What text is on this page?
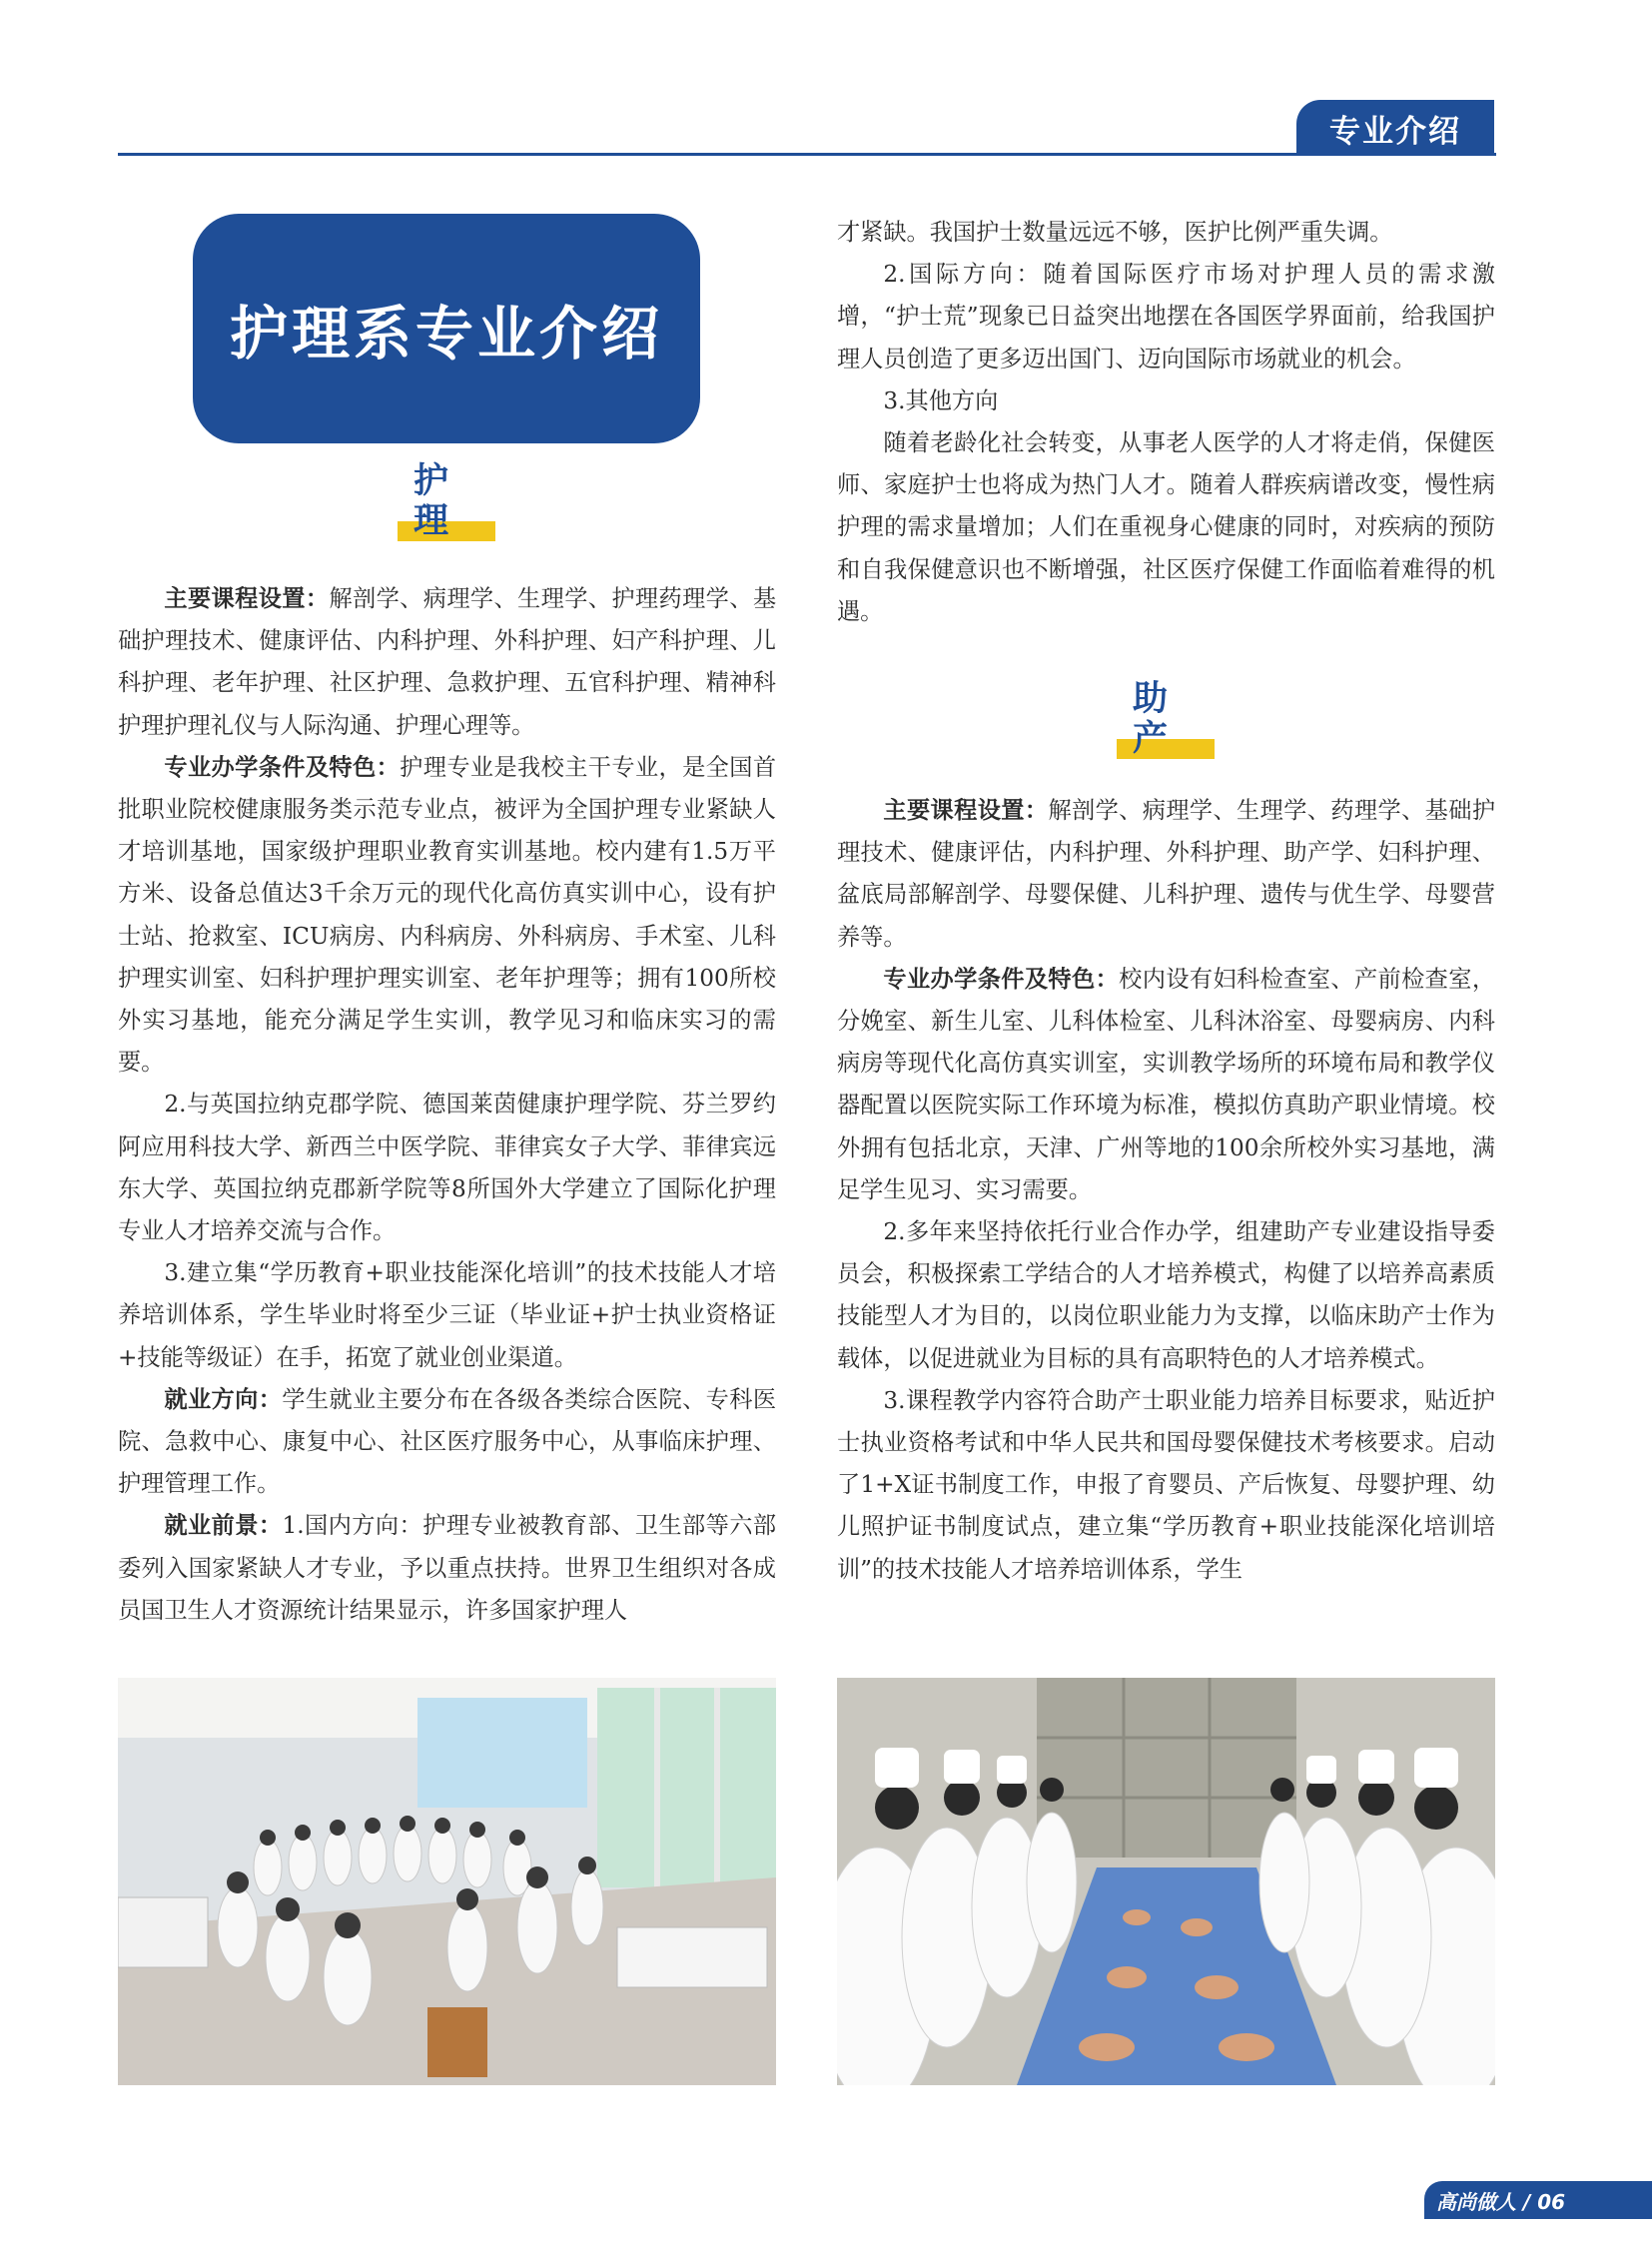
专业介绍
护理系专业介绍
护 理

主要课程设置：解剖学、病理学、生理学、护理药理学、基础护理技术、健康评估、内科护理、外科护理、妇产科护理、儿科护理、老年护理、社区护理、急救护理、五官科护理、精神科护理护理礼仪与人际沟通、护理心理等。

专业办学条件及特色：护理专业是我校主干专业，是全国首批职业院校健康服务类示范专业点，被评为全国护理专业紧缺人才培训基地，国家级护理职业教育实训基地。校内建有1.5万平方米、设备总值达3千余万元的现代化高仿真实训中心，设有护士站、抢救室、ICU病房、内科病房、外科病房、手术室、儿科护理实训室、妇科护理护理实训室、老年护理等；拥有100所校外实习基地，能充分满足学生实训，教学见习和临床实习的需要。

2.与英国拉纳克郡学院、德国莱茵健康护理学院、芬兰罗约阿应用科技大学、新西兰中医学院、菲律宾女子大学、菲律宾远东大学、英国拉纳克郡新学院等8所国外大学建立了国际化护理专业人才培养交流与合作。

3.建立集“学历教育+职业技能深化培训”的技术技能人才培养培训体系，学生毕业时将至少三证（毕业证+护士执业资格证+技能等级证）在手，拓宽了就业创业渠道。

就业方向：学生就业主要分布在各级各类综合医院、专科医院、急救中心、康复中心、社区医疗服务中心，从事临床护理、护理管理工作。

就业前景：1.国内方向：护理专业被教育部、卫生部等六部委列入国家紧缺人才专业，予以重点扶持。世界卫生组织对各成员国卫生人才资源统计结果显示，许多国家护理人

才紧缺。我国护士数量远远不够，医护比例严重失调。

2.国际方向：随着国际医疗市场对护理人员的需求激增，“护士荒”现象已日益突出地摆在各国医学界面前，给我国护理人员创造了更多迈出国门、迈向国际市场就业的机会。

3.其他方向

随着老龄化社会转变，从事老人医学的人才将走俏，保健医师、家庭护士也将成为热门人才。随着人群疾病谱改变，慢性病护理的需求量增加；人们在重视身心健康的同时，对疾病的预防和自我保健意识也不断增强，社区医疗保健工作面临着难得的机遇。

助 产

主要课程设置：解剖学、病理学、生理学、药理学、基础护理技术、健康评估，内科护理、外科护理、助产学、妇科护理、盆底局部解剖学、母婴保健、儿科护理、遗传与优生学、母婴营养等。

专业办学条件及特色：校内设有妇科检查室、产前检查室，分娩室、新生儿室、儿科体检室、儿科沐浴室、母婴病房、内科病房等现代化高仿真实训室，实训教学场所的环境布局和教学仪器配置以医院实际工作环境为标准，模拟仿真助产职业情境。校外拥有包括北京，天津、广州等地的100余所校外实习基地，满足学生见习、实习需要。

2.多年来坚持依托行业合作办学，组建助产专业建设指导委员会，积极探索工学结合的人才培养模式，构健了以培养高素质技能型人才为目的，以岗位职业能力为支撑，以临床助产士作为载体，以促进就业为目标的具有高职特色的人才培养模式。

3.课程教学内容符合助产士职业能力培养目标要求，贴近护士执业资格考试和中华人民共和国母婴保健技术考核要求。启动了1+X证书制度工作，申报了育婴员、产后恢复、母婴护理、幼儿照护证书制度试点，建立集“学历教育+职业技能深化培训培训”的技术技能人才培养培训体系，学生

高尚做人 / 06
